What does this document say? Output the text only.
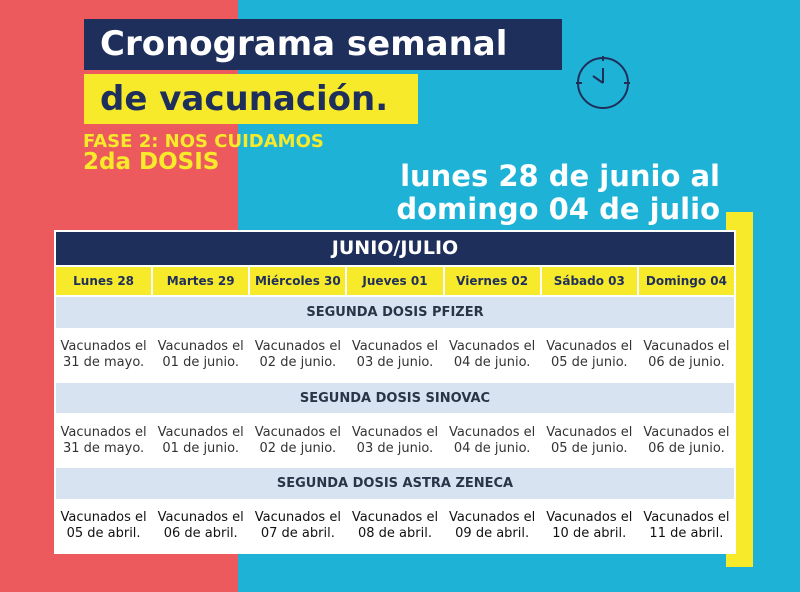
Cronograma semanal
de vacunación.
FASE 2: NOS CUIDAMOS
2da DOSIS	lunes 28 de junio al
domingo 04 de julio
JUNIO/JULIO						
Lunes 28	Martes 29	Miércoles 30	Jueves 01	Viernes 02	Sábado 03	Domingo 04
SEGUNDA DOSIS PFIZER						
Vacunados el
31 de mayo.	Vacunados el
01 de junio.	Vacunados el
02 de junio.	Vacunados el
03 de junio.	Vacunados el
04 de junio.	Vacunados el
05 de junio.	Vacunados el
06 de junio.
SEGUNDA DOSIS SINOVAC						
Vacunados el
31 de mayo.	Vacunados el
01 de junio.	Vacunados el
02 de junio.	Vacunados el
03 de junio.	Vacunados el
04 de junio.	Vacunados el
05 de junio.	Vacunados el
06 de junio.
SEGUNDA DOSIS ASTRA ZENECA						
Vacunados el
05 de abril.	Vacunados el
06 de abril.	Vacunados el
07 de abril.	Vacunados el
08 de abril.	Vacunados el
09 de abril.	Vacunados el
10 de abril.	Vacunados el
11 de abril.
